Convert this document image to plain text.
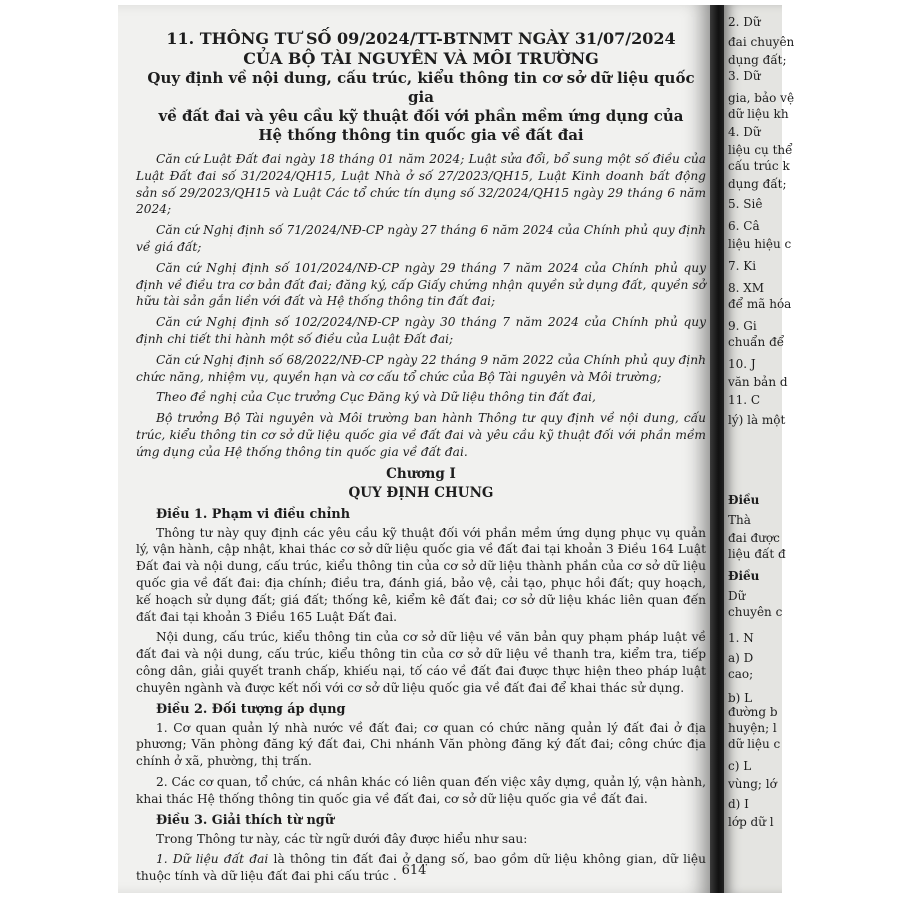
11. THÔNG TƯ SỐ 09/2024/TT-BTNMT NGÀY 31/07/2024
CỦA BỘ TÀI NGUYÊN VÀ MÔI TRƯỜNG
Quy định về nội dung, cấu trúc, kiểu thông tin cơ sở dữ liệu quốc gia
về đất đai và yêu cầu kỹ thuật đối với phần mềm ứng dụng của
Hệ thống thông tin quốc gia về đất đai

Căn cứ Luật Đất đai ngày 18 tháng 01 năm 2024; Luật sửa đổi, bổ sung một số điều của Luật Đất đai số 31/2024/QH15, Luật Nhà ở số 27/2023/QH15, Luật Kinh doanh bất động sản số 29/2023/QH15 và Luật Các tổ chức tín dụng số 32/2024/QH15 ngày 29 tháng 6 năm 2024;

Căn cứ Nghị định số 71/2024/NĐ-CP ngày 27 tháng 6 năm 2024 của Chính phủ quy định về giá đất;

Căn cứ Nghị định số 101/2024/NĐ-CP ngày 29 tháng 7 năm 2024 của Chính phủ quy định về điều tra cơ bản đất đai; đăng ký, cấp Giấy chứng nhận quyền sử dụng đất, quyền sở hữu tài sản gắn liền với đất và Hệ thống thông tin đất đai;

Căn cứ Nghị định số 102/2024/NĐ-CP ngày 30 tháng 7 năm 2024 của Chính phủ quy định chi tiết thi hành một số điều của Luật Đất đai;

Căn cứ Nghị định số 68/2022/NĐ-CP ngày 22 tháng 9 năm 2022 của Chính phủ quy định chức năng, nhiệm vụ, quyền hạn và cơ cấu tổ chức của Bộ Tài nguyên và Môi trường;

Theo đề nghị của Cục trưởng Cục Đăng ký và Dữ liệu thông tin đất đai,

Bộ trưởng Bộ Tài nguyên và Môi trường ban hành Thông tư quy định về nội dung, cấu trúc, kiểu thông tin cơ sở dữ liệu quốc gia về đất đai và yêu cầu kỹ thuật đối với phần mềm ứng dụng của Hệ thống thông tin quốc gia về đất đai.

Chương I
QUY ĐỊNH CHUNG
Điều 1. Phạm vi điều chỉnh

Thông tư này quy định các yêu cầu kỹ thuật đối với phần mềm ứng dụng phục vụ quản lý, vận hành, cập nhật, khai thác cơ sở dữ liệu quốc gia về đất đai tại khoản 3 Điều 164 Luật Đất đai và nội dung, cấu trúc, kiểu thông tin của cơ sở dữ liệu thành phần của cơ sở dữ liệu quốc gia về đất đai: địa chính; điều tra, đánh giá, bảo vệ, cải tạo, phục hồi đất; quy hoạch, kế hoạch sử dụng đất; giá đất; thống kê, kiểm kê đất đai; cơ sở dữ liệu khác liên quan đến đất đai tại khoản 3 Điều 165 Luật Đất đai.

Nội dung, cấu trúc, kiểu thông tin của cơ sở dữ liệu về văn bản quy phạm pháp luật về đất đai và nội dung, cấu trúc, kiểu thông tin của cơ sở dữ liệu về thanh tra, kiểm tra, tiếp công dân, giải quyết tranh chấp, khiếu nại, tố cáo về đất đai được thực hiện theo pháp luật chuyên ngành và được kết nối với cơ sở dữ liệu quốc gia về đất đai để khai thác sử dụng.

Điều 2. Đối tượng áp dụng

1. Cơ quan quản lý nhà nước về đất đai; cơ quan có chức năng quản lý đất đai ở địa phương; Văn phòng đăng ký đất đai, Chi nhánh Văn phòng đăng ký đất đai; công chức địa chính ở xã, phường, thị trấn.

2. Các cơ quan, tổ chức, cá nhân khác có liên quan đến việc xây dựng, quản lý, vận hành, khai thác Hệ thống thông tin quốc gia về đất đai, cơ sở dữ liệu quốc gia về đất đai.

Điều 3. Giải thích từ ngữ

Trong Thông tư này, các từ ngữ dưới đây được hiểu như sau:

1. Dữ liệu đất đai là thông tin đất đai ở dạng số, bao gồm dữ liệu không gian, dữ liệu thuộc tính và dữ liệu đất đai phi cấu trúc . 614
2. Dữ
đai chuyên
dụng đất;
3. Dữ
gia, bảo vệ
dữ liệu kh
4. Dữ
liệu cụ thể
cấu trúc k
dụng đất;
5. Siê
6. Câ
liệu hiệu c
7. Ki
8. XM
để mã hóa
9. Gi
chuẩn để
10. J
văn bản d
11. C
lý) là một
Điều
Thà
đai được
liệu đất đ
Điều
Dữ
chuyên c
1. N
a) D
cao;
b) L
đường b
huyện; l
dữ liệu c
c) L
vùng; lớ
d) I
lớp dữ l
